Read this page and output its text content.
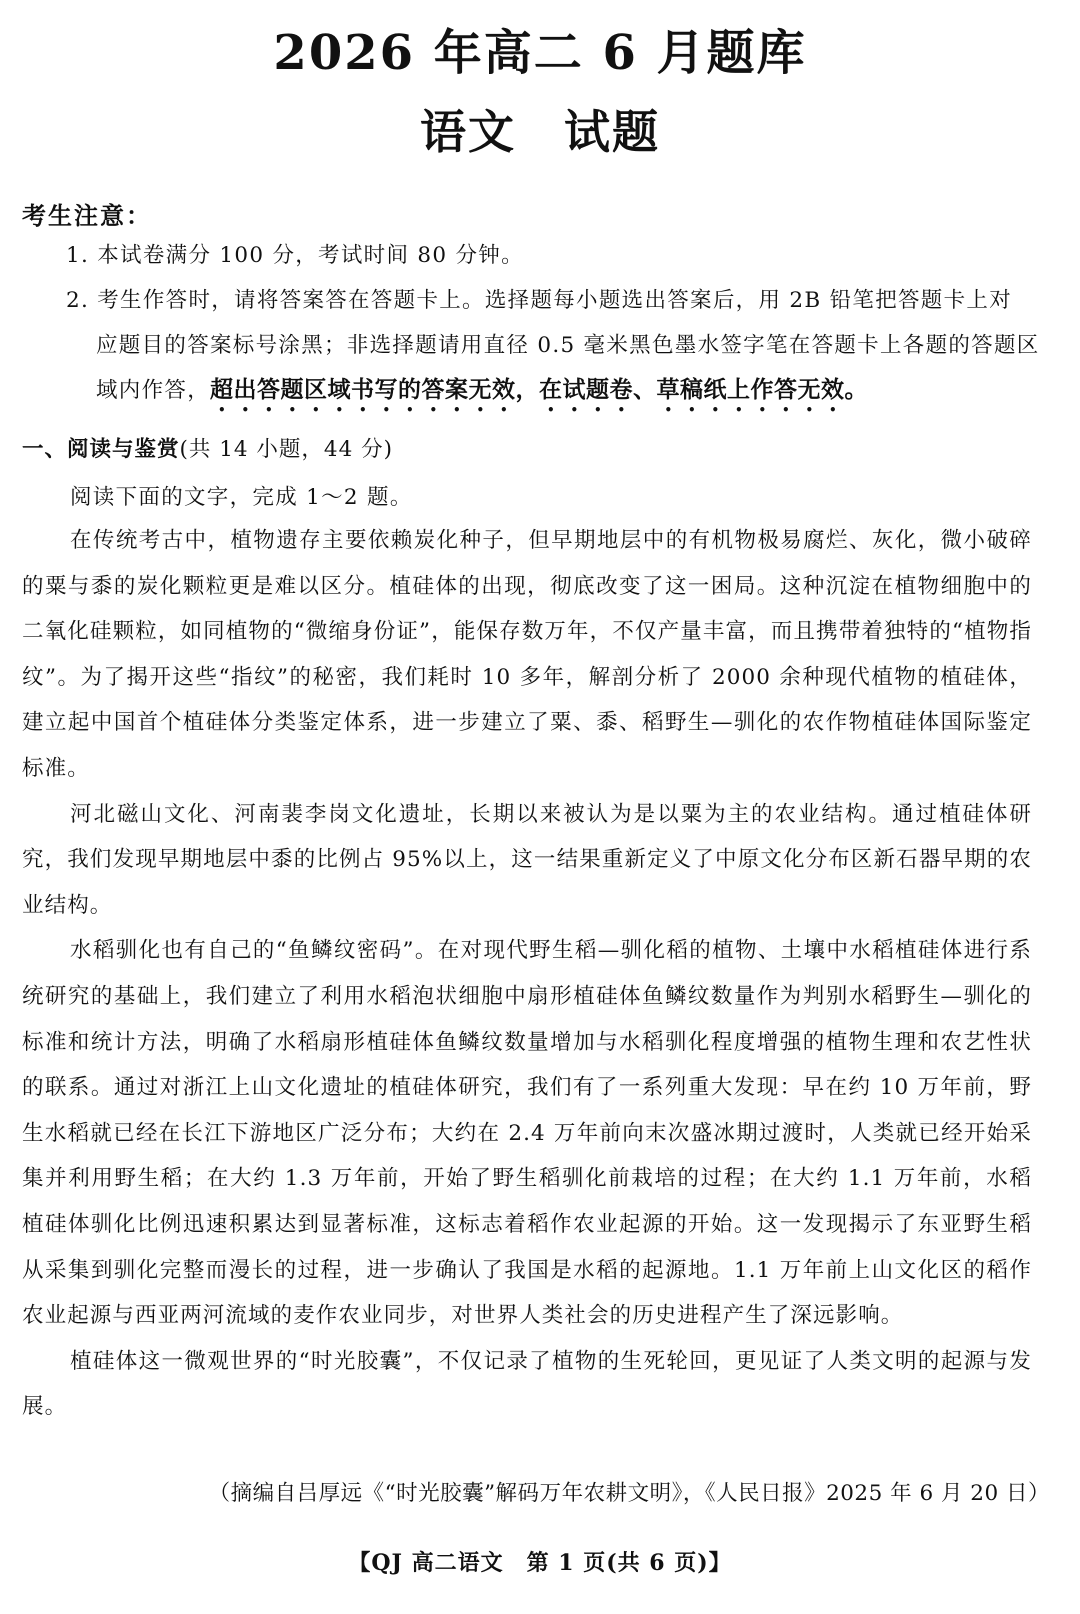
2026 年高二 6 月题库
语文　试题
考生注意：
1. 本试卷满分 100 分，考试时间 80 分钟。
2. 考生作答时，请将答案答在答题卡上。选择题每小题选出答案后，用 2B 铅笔把答题卡上对
应题目的答案标号涂黑；非选择题请用直径 0.5 毫米黑色墨水签字笔在答题卡上各题的答题区域内作答，超出答题区域书写的答案无效，在试题卷、草稿纸上作答无效。
一、阅读与鉴赏(共 14 小题，44 分)
阅读下面的文字，完成 1～2 题。

在传统考古中，植物遗存主要依赖炭化种子，但早期地层中的有机物极易腐烂、灰化，微小破碎的粟与黍的炭化颗粒更是难以区分。植硅体的出现，彻底改变了这一困局。这种沉淀在植物细胞中的二氧化硅颗粒，如同植物的“微缩身份证”，能保存数万年，不仅产量丰富，而且携带着独特的“植物指纹”。为了揭开这些“指纹”的秘密，我们耗时 10 多年，解剖分析了 2000 余种现代植物的植硅体，建立起中国首个植硅体分类鉴定体系，进一步建立了粟、黍、稻野生—驯化的农作物植硅体国际鉴定标准。

河北磁山文化、河南裴李岗文化遗址，长期以来被认为是以粟为主的农业结构。通过植硅体研究，我们发现早期地层中黍的比例占 95%以上，这一结果重新定义了中原文化分布区新石器早期的农业结构。

水稻驯化也有自己的“鱼鳞纹密码”。在对现代野生稻—驯化稻的植物、土壤中水稻植硅体进行系统研究的基础上，我们建立了利用水稻泡状细胞中扇形植硅体鱼鳞纹数量作为判别水稻野生—驯化的标准和统计方法，明确了水稻扇形植硅体鱼鳞纹数量增加与水稻驯化程度增强的植物生理和农艺性状的联系。通过对浙江上山文化遗址的植硅体研究，我们有了一系列重大发现：早在约 10 万年前，野生水稻就已经在长江下游地区广泛分布；大约在 2.4 万年前向末次盛冰期过渡时，人类就已经开始采集并利用野生稻；在大约 1.3 万年前，开始了野生稻驯化前栽培的过程；在大约 1.1 万年前，水稻植硅体驯化比例迅速积累达到显著标准，这标志着稻作农业起源的开始。这一发现揭示了东亚野生稻从采集到驯化完整而漫长的过程，进一步确认了我国是水稻的起源地。1.1 万年前上山文化区的稻作农业起源与西亚两河流域的麦作农业同步，对世界人类社会的历史进程产生了深远影响。

植硅体这一微观世界的“时光胶囊”，不仅记录了植物的生死轮回，更见证了人类文明的起源与发展。

（摘编自吕厚远《“时光胶囊”解码万年农耕文明》，《人民日报》2025 年 6 月 20 日）
【QJ 高二语文　第 1 页(共 6 页)】
